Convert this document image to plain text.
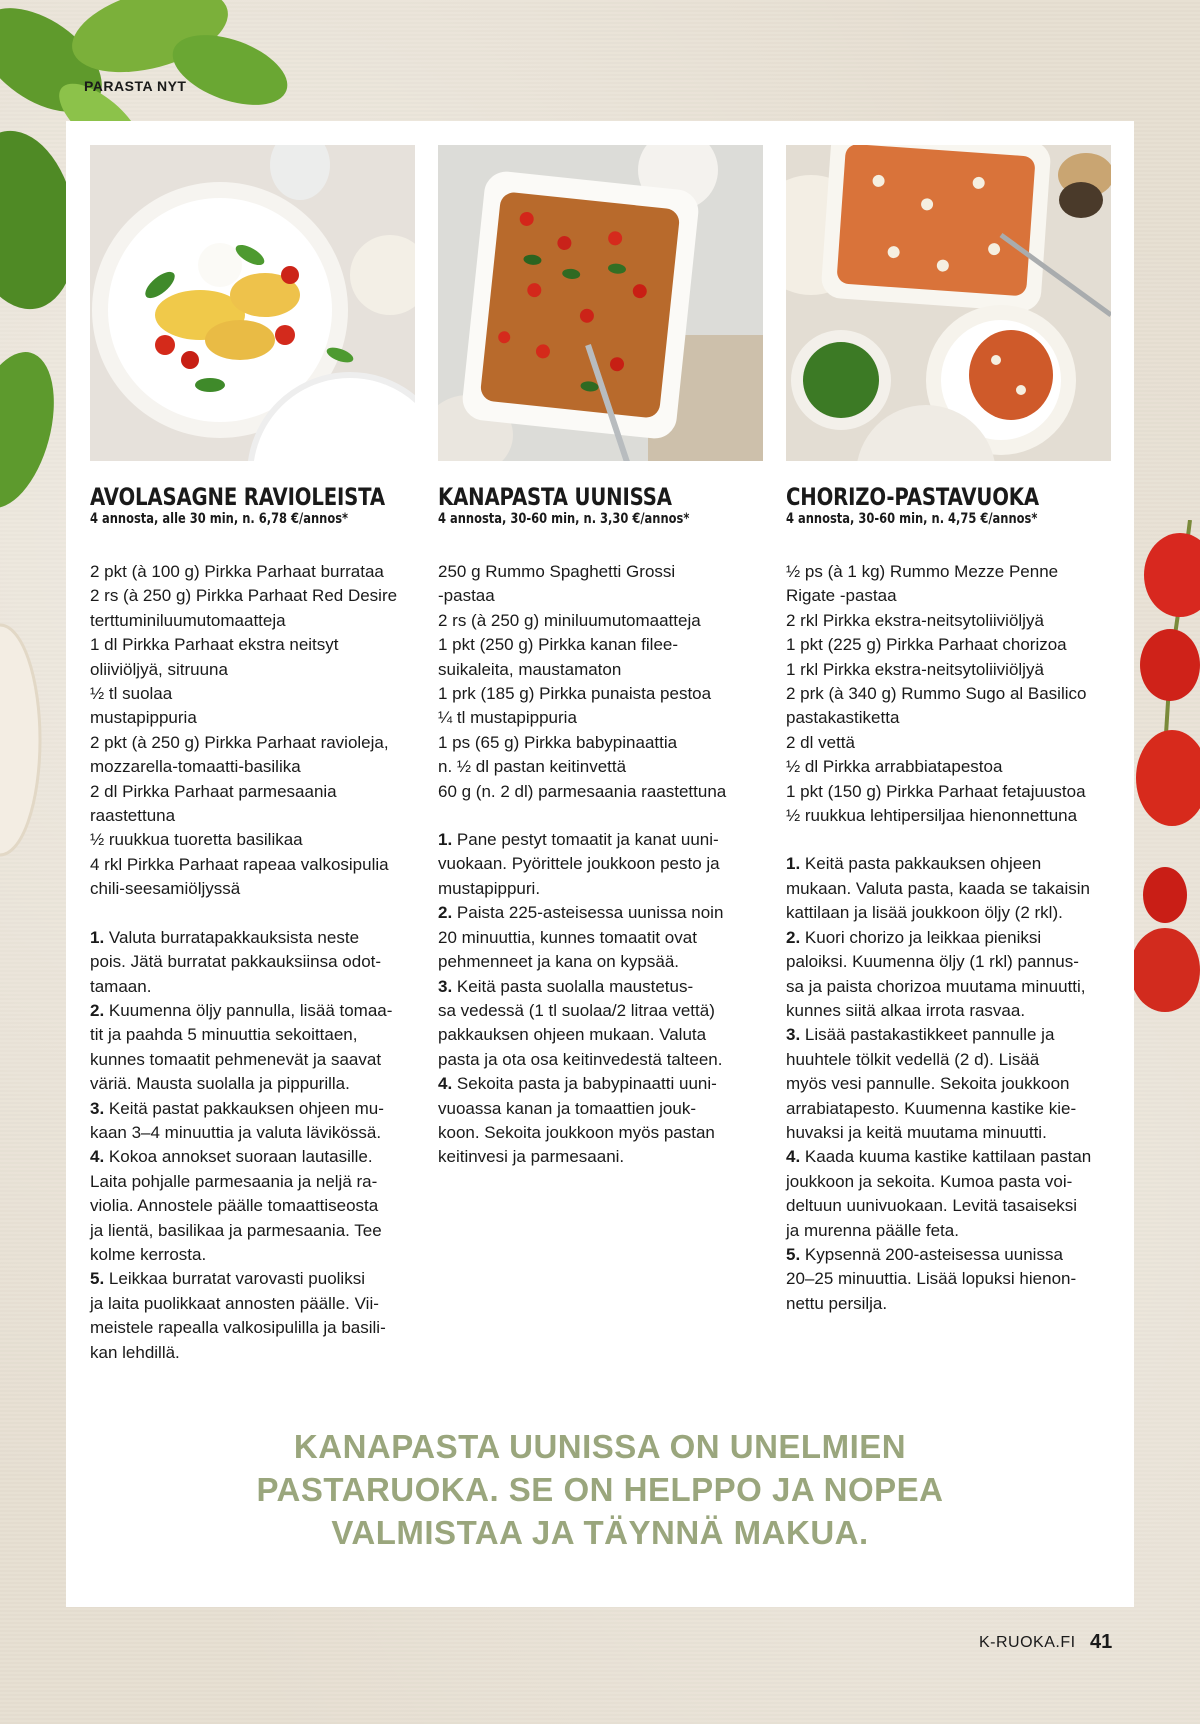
PARASTA NYT
AVOLASAGNE RAVIOLEISTA
4 annosta, alle 30 min, n. 6,78 €/annos*
2 pkt (à 100 g) Pirkka Parhaat burrataa
2 rs (à 250 g) Pirkka Parhaat Red Desire
terttuminiluumutomaatteja
1 dl Pirkka Parhaat ekstra neitsyt
oliiviöljyä, sitruuna
½ tl suolaa
mustapippuria
2 pkt (à 250 g) Pirkka Parhaat ravioleja,
mozzarella-tomaatti-basilika
2 dl Pirkka Parhaat parmesaania
raastettuna
½ ruukkua tuoretta basilikaa
4 rkl Pirkka Parhaat rapeaa valkosipulia
chili-seesamiöljyssä
1. Valuta burratapakkauksista neste
pois. Jätä burratat pakkauksiinsa odot-
tamaan.
2. Kuumenna öljy pannulla, lisää tomaa-
tit ja paahda 5 minuuttia sekoittaen,
kunnes tomaatit pehmenevät ja saavat
väriä. Mausta suolalla ja pippurilla.
3. Keitä pastat pakkauksen ohjeen mu-
kaan 3–4 minuuttia ja valuta lävikössä.
4. Kokoa annokset suoraan lautasille.
Laita pohjalle parmesaania ja neljä ra-
violia. Annostele päälle tomaattiseosta
ja lientä, basilikaa ja parmesaania. Tee
kolme kerrosta.
5. Leikkaa burratat varovasti puoliksi
ja laita puolikkaat annosten päälle. Vii-
meistele rapealla valkosipulilla ja basili-
kan lehdillä.
KANAPASTA UUNISSA
4 annosta, 30-60 min, n. 3,30 €/annos*
250 g Rummo Spaghetti Grossi
-pastaa
2 rs (à 250 g) miniluumutomaatteja
1 pkt (250 g) Pirkka kanan filee-
suikaleita, maustamaton
1 prk (185 g) Pirkka punaista pestoa
¼ tl mustapippuria
1 ps (65 g) Pirkka babypinaattia
n. ½ dl pastan keitinvettä
60 g (n. 2 dl) parmesaania raastettuna
1. Pane pestyt tomaatit ja kanat uuni-
vuokaan. Pyörittele joukkoon pesto ja
mustapippuri.
2. Paista 225-asteisessa uunissa noin
20 minuuttia, kunnes tomaatit ovat
pehmenneet ja kana on kypsää.
3. Keitä pasta suolalla maustetus-
sa vedessä (1 tl suolaa/2 litraa vettä)
pakkauksen ohjeen mukaan. Valuta
pasta ja ota osa keitinvedestä talteen.
4. Sekoita pasta ja babypinaatti uuni-
vuoassa kanan ja tomaattien jouk-
koon. Sekoita joukkoon myös pastan
keitinvesi ja parmesaani.
CHORIZO-PASTAVUOKA
4 annosta, 30-60 min, n. 4,75 €/annos*
½ ps (à 1 kg) Rummo Mezze Penne
Rigate -pastaa
2 rkl Pirkka ekstra-neitsytoliiviöljyä
1 pkt (225 g) Pirkka Parhaat chorizoa
1 rkl Pirkka ekstra-neitsytoliiviöljyä
2 prk (à 340 g) Rummo Sugo al Basilico
pastakastiketta
2 dl vettä
½ dl Pirkka arrabbiatapestoa
1 pkt (150 g) Pirkka Parhaat fetajuustoa
½ ruukkua lehtipersiljaa hienonnettuna
1. Keitä pasta pakkauksen ohjeen
mukaan. Valuta pasta, kaada se takaisin
kattilaan ja lisää joukkoon öljy (2 rkl).
2. Kuori chorizo ja leikkaa pieniksi
paloiksi. Kuumenna öljy (1 rkl) pannus-
sa ja paista chorizoa muutama minuutti,
kunnes siitä alkaa irrota rasvaa.
3. Lisää pastakastikkeet pannulle ja
huuhtele tölkit vedellä (2 d). Lisää
myös vesi pannulle. Sekoita joukkoon
arrabiatapesto. Kuumenna kastike kie-
huvaksi ja keitä muutama minuutti.
4. Kaada kuuma kastike kattilaan pastan
joukkoon ja sekoita. Kumoa pasta voi-
deltuun uunivuokaan. Levitä tasaiseksi
ja murenna päälle feta.
5. Kypsennä 200-asteisessa uunissa
20–25 minuuttia. Lisää lopuksi hienon-
nettu persilja.
KANAPASTA UUNISSA ON UNELMIEN
PASTARUOKA. SE ON HELPPO JA NOPEA
VALMISTAA JA TÄYNNÄ MAKUA.
K-RUOKA.FI 41
